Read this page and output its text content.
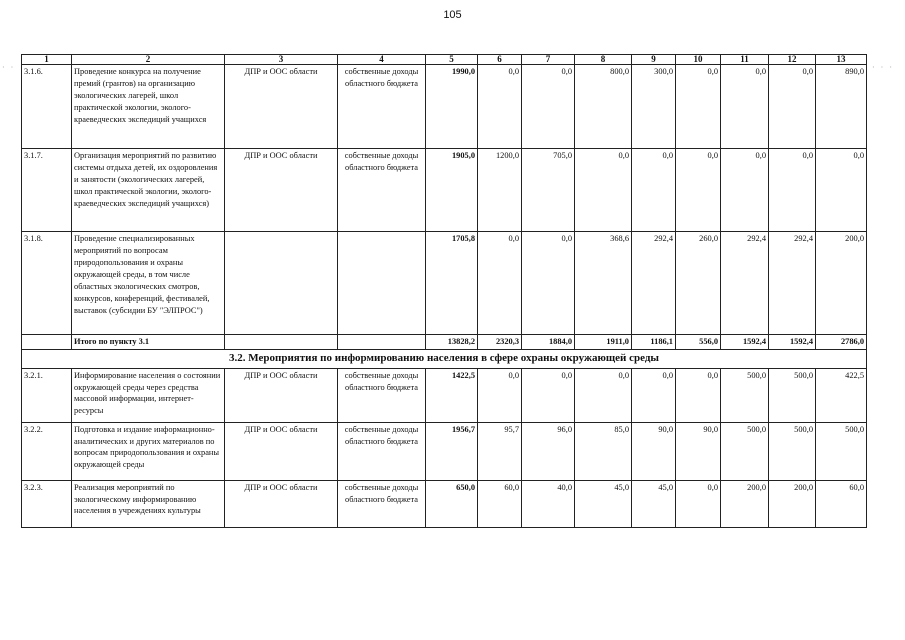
105
· ·	· · ·
1	2	3	4	5	6	7	8	9	10	11	12	13
3.1.6.	Проведение конкурса на получение премий (грантов) на организацию экологических лагерей, школ практической экологии, эколого-краеведческих экспедиций учащихся	ДПР и ООС области	собственные доходы областного бюджета	1990,0	0,0	0,0	800,0	300,0	0,0	0,0	0,0	890,0
3.1.7.	Организация мероприятий по развитию системы отдыха детей, их оздоровления и занятости (экологических лагерей, школ практической экологии, эколого-краеведческих экспедиций учащихся)	ДПР и ООС области	собственные доходы областного бюджета	1905,0	1200,0	705,0	0,0	0,0	0,0	0,0	0,0	0,0
3.1.8.	Проведение специализированных мероприятий по вопросам природопользования и охраны окружающей среды, в том числе областных экологических смотров, конкурсов, конференций, фестивалей, выставок (субсидии БУ "ЭЛПРОС")			1705,8	0,0	0,0	368,6	292,4	260,0	292,4	292,4	200,0
	Итого по пункту 3.1			13828,2	2320,3	1884,0	1911,0	1186,1	556,0	1592,4	1592,4	2786,0
3.2. Мероприятия по информированию населения в сфере охраны окружающей среды												
3.2.1.	Информирование населения о состоянии окружающей среды через средства массовой информации, интернет-ресурсы	ДПР и ООС области	собственные доходы областного бюджета	1422,5	0,0	0,0	0,0	0,0	0,0	500,0	500,0	422,5
3.2.2.	Подготовка и издание информационно-аналитических и других материалов по вопросам природопользования и охраны окружающей среды	ДПР и ООС области	собственные доходы областного бюджета	1956,7	95,7	96,0	85,0	90,0	90,0	500,0	500,0	500,0
3.2.3.	Реализация мероприятий по экологическому информированию населения в учреждениях культуры	ДПР и ООС области	собственные доходы областного бюджета	650,0	60,0	40,0	45,0	45,0	0,0	200,0	200,0	60,0
